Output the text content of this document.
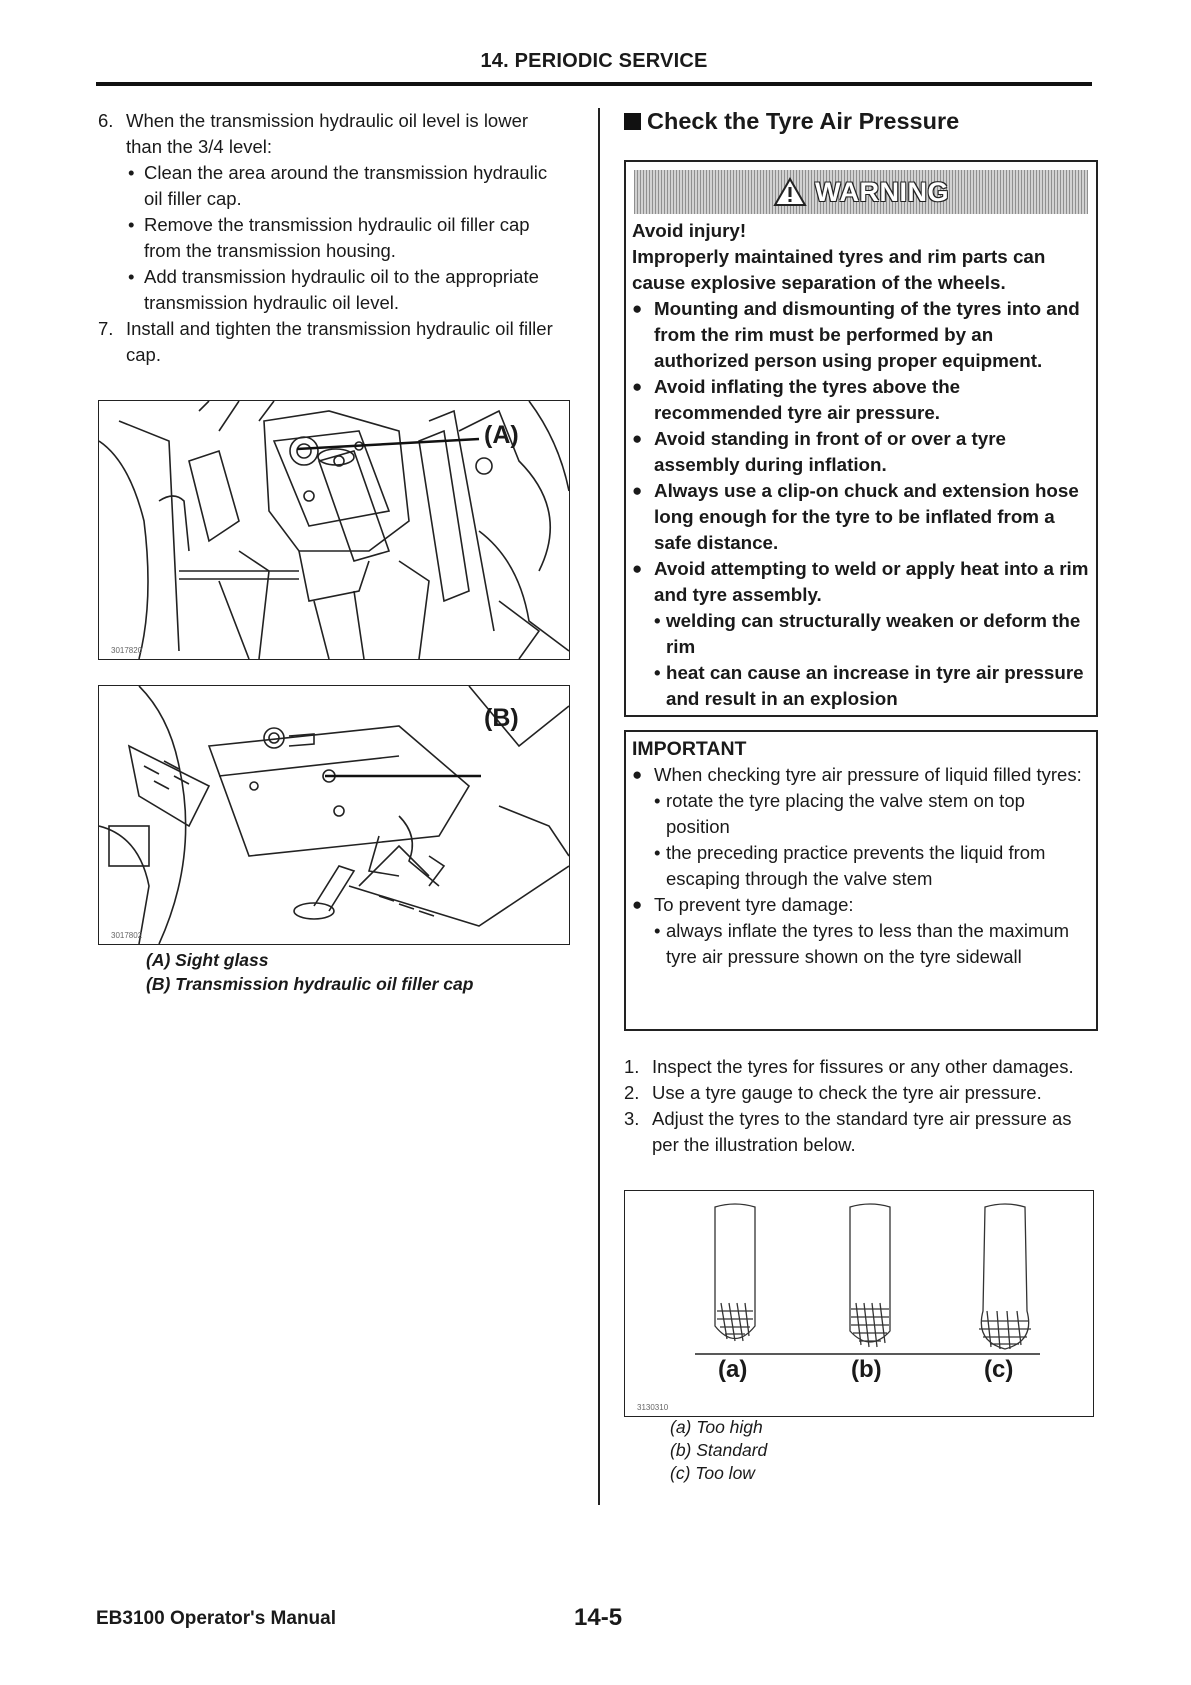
14. PERIODIC SERVICE
6. When the transmission hydraulic oil level is lower than the 3/4 level:
• Clean the area around the transmission hydraulic oil filler cap.
• Remove the transmission hydraulic oil filler cap from the transmission housing.
• Add transmission hydraulic oil to the appropriate transmission hydraulic oil level.
7. Install and tighten the transmission hydraulic oil filler cap.
(A)
3017820
(B)
3017802
(A) Sight glass
(B) Transmission hydraulic oil filler cap
Check the Tyre Air Pressure
WARNING
Avoid injury!
Improperly maintained tyres and rim parts can cause explosive separation of the wheels.
● Mounting and dismounting of the tyres into and from the rim must be performed by an authorized person using proper equipment.
● Avoid inflating the tyres above the recommended tyre air pressure.
● Avoid standing in front of or over a tyre assembly during inflation.
● Always use a clip-on chuck and extension hose long enough for the tyre to be inflated from a safe distance.
● Avoid attempting to weld or apply heat into a rim and tyre assembly.
• welding can structurally weaken or deform the rim
• heat can cause an increase in tyre air pressure and result in an explosion
IMPORTANT
● When checking tyre air pressure of liquid filled tyres:
• rotate the tyre placing the valve stem on top position
• the preceding practice prevents the liquid from escaping through the valve stem
● To prevent tyre damage:
• always inflate the tyres to less than the maximum tyre air pressure shown on the tyre sidewall
1. Inspect the tyres for fissures or any other damages.
2. Use a tyre gauge to check the tyre air pressure.
3. Adjust the tyres to the standard tyre air pressure as per the illustration below.
3130310
(a)	(b)	(c)
(a) Too high
(b) Standard
(c) Too low
EB3100 Operator's Manual	14-5
